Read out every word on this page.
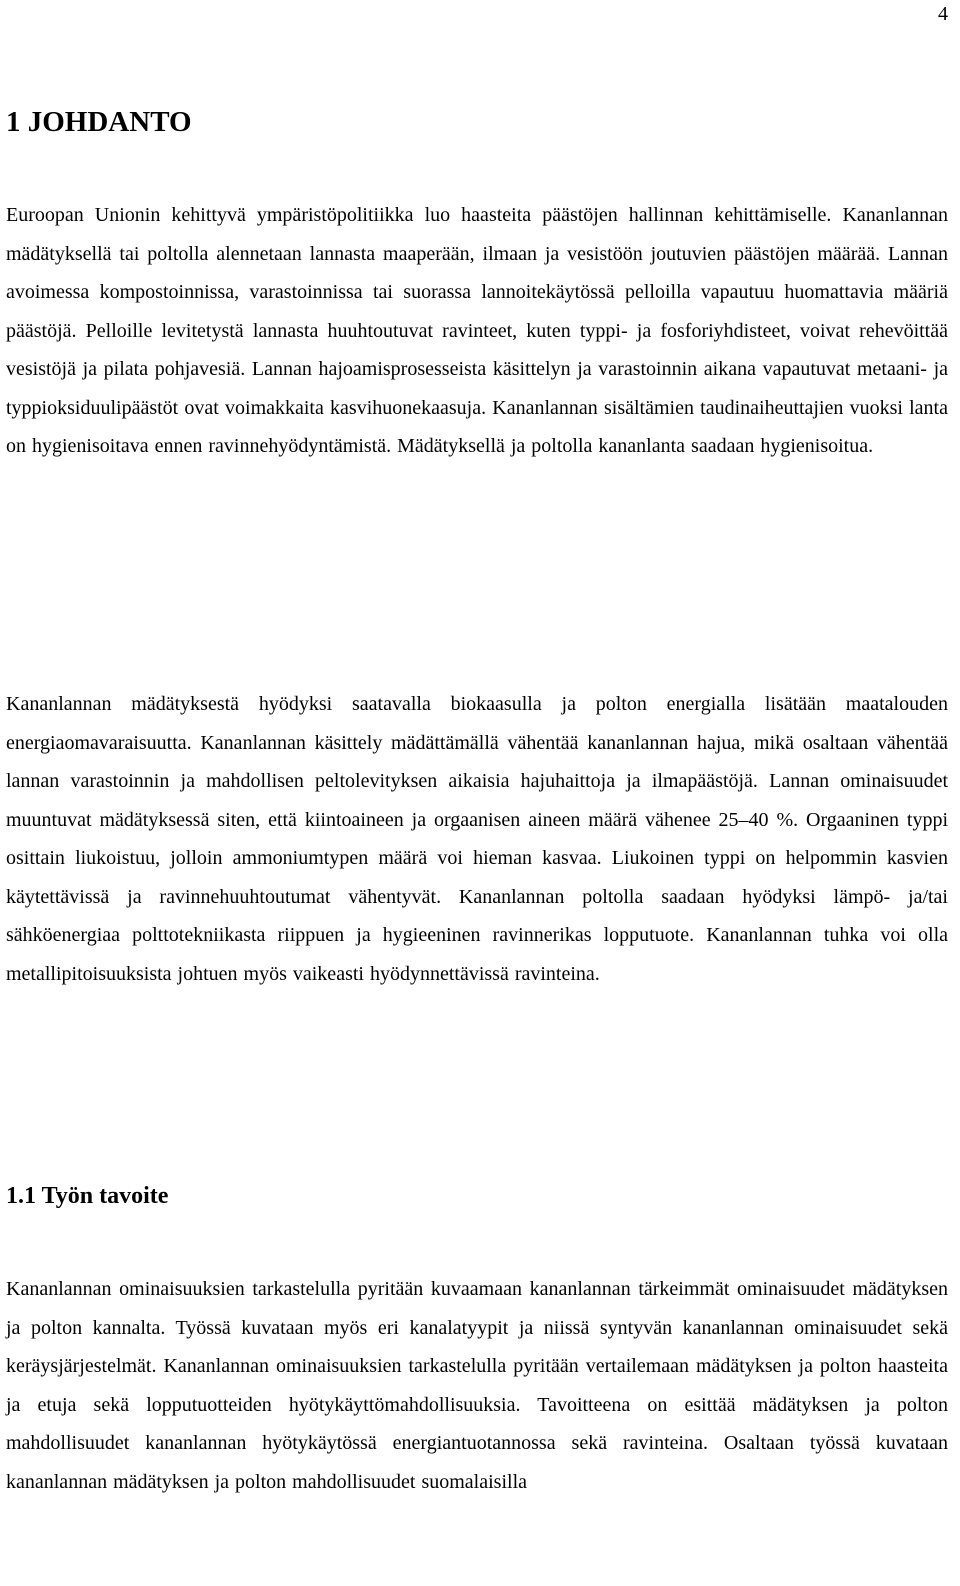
4
1 JOHDANTO

Euroopan Unionin kehittyvä ympäristöpolitiikka luo haasteita päästöjen hallinnan kehittämiselle. Kananlannan mädätyksellä tai poltolla alennetaan lannasta maaperään, ilmaan ja vesistöön joutuvien päästöjen määrää. Lannan avoimessa kompostoinnissa, varastoinnissa tai suorassa lannoitekäytössä pelloilla vapautuu huomattavia määriä päästöjä. Pelloille levitetystä lannasta huuhtoutuvat ravinteet, kuten typpi- ja fosforiyhdisteet, voivat rehevöittää vesistöjä ja pilata pohjavesiä. Lannan hajoamisprosesseista käsittelyn ja varastoinnin aikana vapautuvat metaani- ja typpioksiduulipäästöt ovat voimakkaita kasvihuonekaasuja. Kananlannan sisältämien taudinaiheuttajien vuoksi lanta on hygienisoitava ennen ravinnehyödyntämistä. Mädätyksellä ja poltolla kananlanta saadaan hygienisoitua.

Kananlannan mädätyksestä hyödyksi saatavalla biokaasulla ja polton energialla lisätään maatalouden energiaomavaraisuutta. Kananlannan käsittely mädättämällä vähentää kananlannan hajua, mikä osaltaan vähentää lannan varastoinnin ja mahdollisen peltolevityksen aikaisia hajuhaittoja ja ilmapäästöjä. Lannan ominaisuudet muuntuvat mädätyksessä siten, että kiintoaineen ja orgaanisen aineen määrä vähenee 25–40 %. Orgaaninen typpi osittain liukoistuu, jolloin ammoniumtypen määrä voi hieman kasvaa. Liukoinen typpi on helpommin kasvien käytettävissä ja ravinnehuuhtoutumat vähentyvät. Kananlannan poltolla saadaan hyödyksi lämpö- ja/tai sähköenergiaa polttotekniikasta riippuen ja hygieeninen ravinnerikas lopputuote. Kananlannan tuhka voi olla metallipitoisuuksista johtuen myös vaikeasti hyödynnettävissä ravinteina.

1.1 Työn tavoite

Kananlannan ominaisuuksien tarkastelulla pyritään kuvaamaan kananlannan tärkeimmät ominaisuudet mädätyksen ja polton kannalta. Työssä kuvataan myös eri kanalatyypit ja niissä syntyvän kananlannan ominaisuudet sekä keräysjärjestelmät. Kananlannan ominaisuuksien tarkastelulla pyritään vertailemaan mädätyksen ja polton haasteita ja etuja sekä lopputuotteiden hyötykäyttömahdollisuuksia. Tavoitteena on esittää mädätyksen ja polton mahdollisuudet kananlannan hyötykäytössä energiantuotannossa sekä ravinteina. Osaltaan työssä kuvataan kananlannan mädätyksen ja polton mahdollisuudet suomalaisilla
